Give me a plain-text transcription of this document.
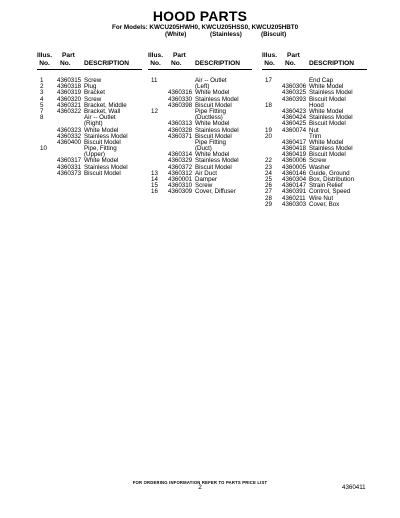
HOOD PARTS
For Models: KWCU205HWH0, KWCU205HSS0, KWCU205HBT0
(White)	(Stainless)	(Biscuit)
Illus.
No.
Part
No.	DESCRIPTION
1 4360315 Screw
2 4360318 Plug
3 4360319 Bracket
4 4360320 Screw
5 4360321 Bracket, Middle
7 4360322 Bracket, Wall
8	Air -- Outlet
(Right)
4360323 White Model
4360332 Stainless Model
4360400 Biscuit Model
10	Pipe, Fitting
(Upper)
4360317 White Model
4360331 Stainless Model
4360373 Biscuit Model
Illus.
No.
Part
No.	DESCRIPTION
11	Air -- Outlet
(Left)
4360316 White Model
4360330 Stainless Model
4360398 Biscuit Model
12	Pipe Fitting
(Ductless)
4360313 White Model
4360328 Stainless Model
4360371 Biscuit Model
Pipe Fitting
(Duct)
4360314 White Model
4360329 Stainless Model
4360372 Biscuit Model
13 4360312 Air Duct
14 4360001 Damper
15 4360310 Screw
16 4360309 Cover, Diffuser
Illus.
No.
Part
No.	DESCRIPTION
17	End Cap
4360306 White Model
4360325 Stainless Model
4360393 Biscuit Model
18	Hood
4360423 White Model
4360424 Stainless Model
4360425 Biscuit Model
19 4360074 Nut
20	Trim
4360417 White Model
4360418 Stainless Model
4360419 Biscuit Model
22 4360006 Screw
23 4360005 Washer
24 4360146 Guide, Ground
25 4360304 Box, Distribution
26 4360147 Strain Relief
27 4360391 Control, Speed
28 4360211 Wire Nut
29 4360303 Cover, Box
FOR ORDERING INFORMATION REFER TO PARTS PRICE LIST
2	4360411
